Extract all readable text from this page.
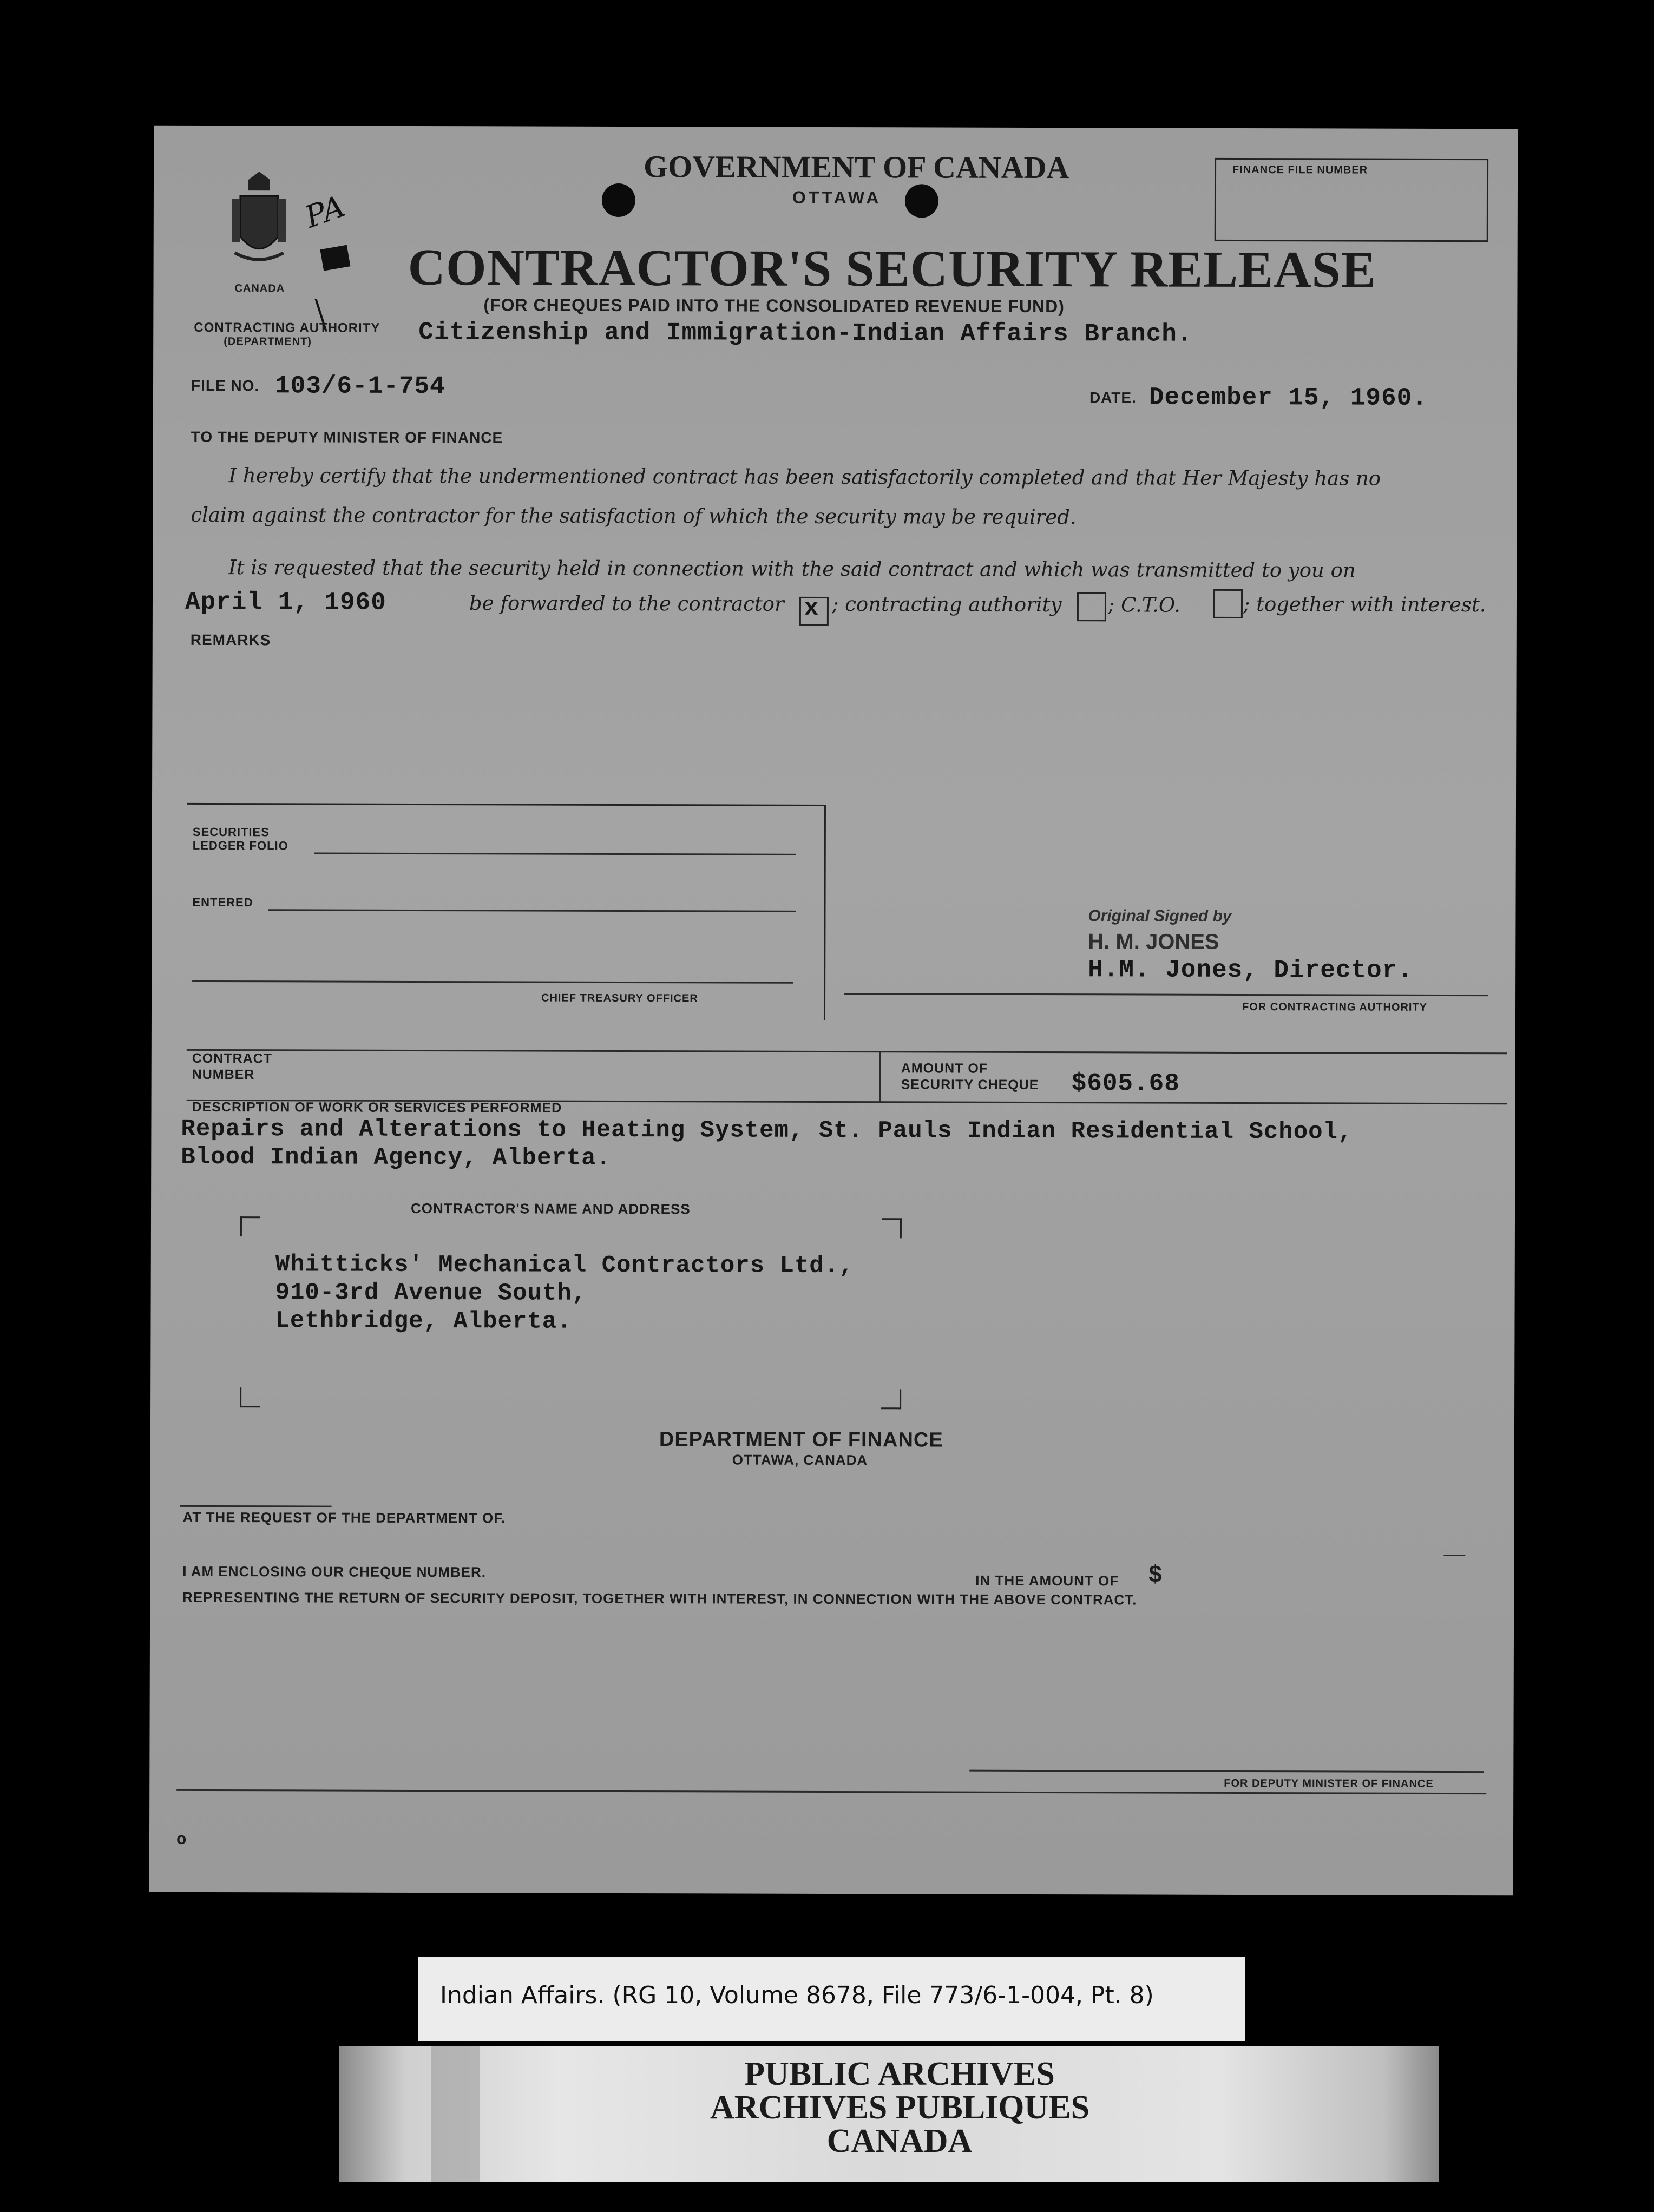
CANADA
PA
GOVERNMENT OF CANADA
OTTAWA
CONTRACTOR'S SECURITY RELEASE
(FOR CHEQUES PAID INTO THE CONSOLIDATED REVENUE FUND)
FINANCE FILE NUMBER
CONTRACTING AUTHORITY
(DEPARTMENT)	Citizenship and Immigration-Indian Affairs Branch.
FILE NO. 103/6-1-754	DATE. December 15, 1960.
TO THE DEPUTY MINISTER OF FINANCE
I hereby certify that the undermentioned contract has been satisfactorily completed and that Her Majesty has no
claim against the contractor for the satisfaction of which the security may be required.
It is requested that the security held in connection with the said contract and which was transmitted to you on
April 1, 1960	be forwarded to the contractor x ; contracting authority ; C.T.O.	; together with interest.
REMARKS
SECURITIES
LEDGER FOLIO
ENTERED
CHIEF TREASURY OFFICER
Original Signed by
H. M. JONES
H.M. Jones, Director.
FOR CONTRACTING AUTHORITY
CONTRACT
NUMBER	AMOUNT OF
SECURITY CHEQUE $605.68
DESCRIPTION OF WORK OR SERVICES PERFORMED
Repairs and Alterations to Heating System, St. Pauls Indian Residential School,
Blood Indian Agency, Alberta.
CONTRACTOR'S NAME AND ADDRESS
Whitticks' Mechanical Contractors Ltd.,
910-3rd Avenue South,
Lethbridge, Alberta.
DEPARTMENT OF FINANCE
OTTAWA, CANADA
AT THE REQUEST OF THE DEPARTMENT OF.
I AM ENCLOSING OUR CHEQUE NUMBER.
IN THE AMOUNT OF $
REPRESENTING THE RETURN OF SECURITY DEPOSIT, TOGETHER WITH INTEREST, IN CONNECTION WITH THE ABOVE CONTRACT.
FOR DEPUTY MINISTER OF FINANCE
o
Indian Affairs. (RG 10, Volume 8678, File 773/6-1-004, Pt. 8)
PUBLIC ARCHIVES
ARCHIVES PUBLIQUES
CANADA
